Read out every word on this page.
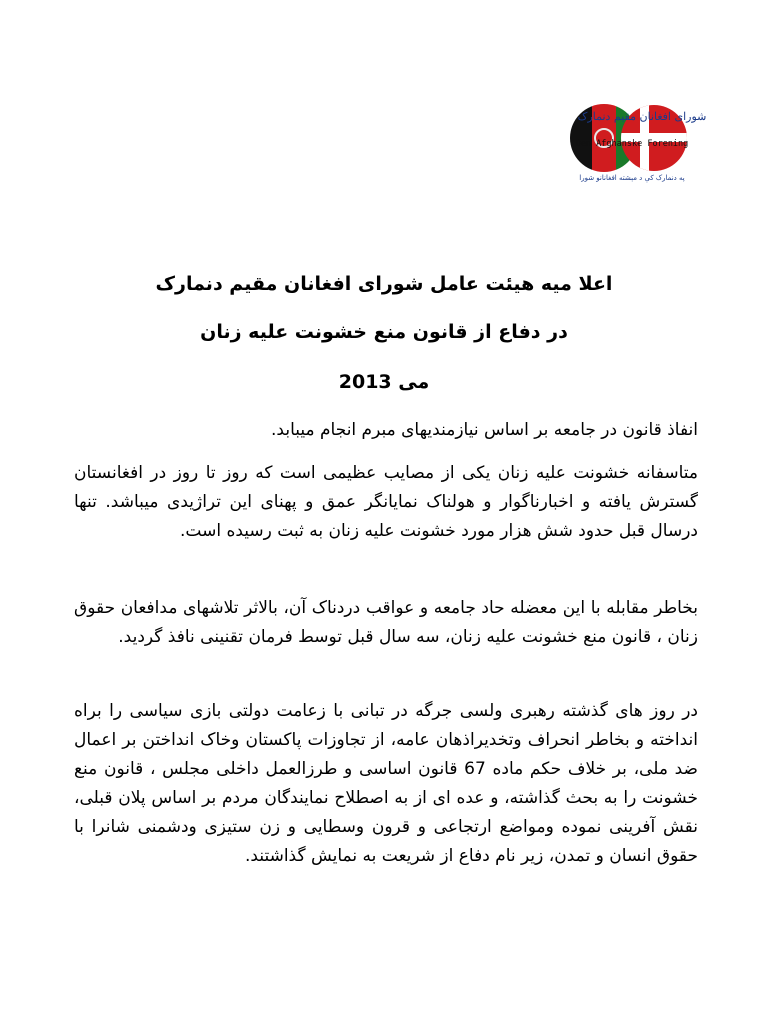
شورای افغانان مقیم دنمارک
Den Afghanske Forening
په دنمارک کې د مېشته افغانانو شورا
اعلا میه هیئت عامل شورای افغانان مقیم دنمارک
در دفاع از قانون منع خشونت علیه زنان
می 2013

انفاذ قانون در جامعه بر اساس نیازمندیهای مبرم انجام میبابد.

متاسفانه خشونت علیه زنان یکی از مصایب عظیمی است که روز تا روز در افغانستان گسترش یافته و اخبارناگوار و هولناک نمایانگر عمق و پهنای این تراژیدی میباشد. تنها درسال قبل حدود شش هزار مورد خشونت علیه زنان به ثبت رسیده است.

بخاطر مقابله با این معضله حاد جامعه و عواقب دردناک آن، بالاثر تلاشهای مدافعان حقوق زنان ، قانون منع خشونت علیه زنان، سه سال قبل توسط فرمان تقنینی نافذ گردید.

در روز های گذشته رهبری ولسی جرگه در تبانی با زعامت دولتی بازی سیاسی را براه انداخته و بخاطر انحراف وتخدیراذهان عامه، از تجاوزات پاکستان وخاک انداختن بر اعمال ضد ملی، بر خلاف حکم ماده 67 قانون اساسی و طرزالعمل داخلی مجلس ، قانون منع خشونت را به بحث گذاشته، و عده ای از به اصطلاح نمایندگان مردم بر اساس پلان قبلی، نقش آفرینی نموده ومواضع ارتجاعی و قرون وسطایی و زن ستیزی ودشمنی شانرا با حقوق انسان و تمدن، زیر نام دفاع از شریعت به نمایش گذاشتند.
